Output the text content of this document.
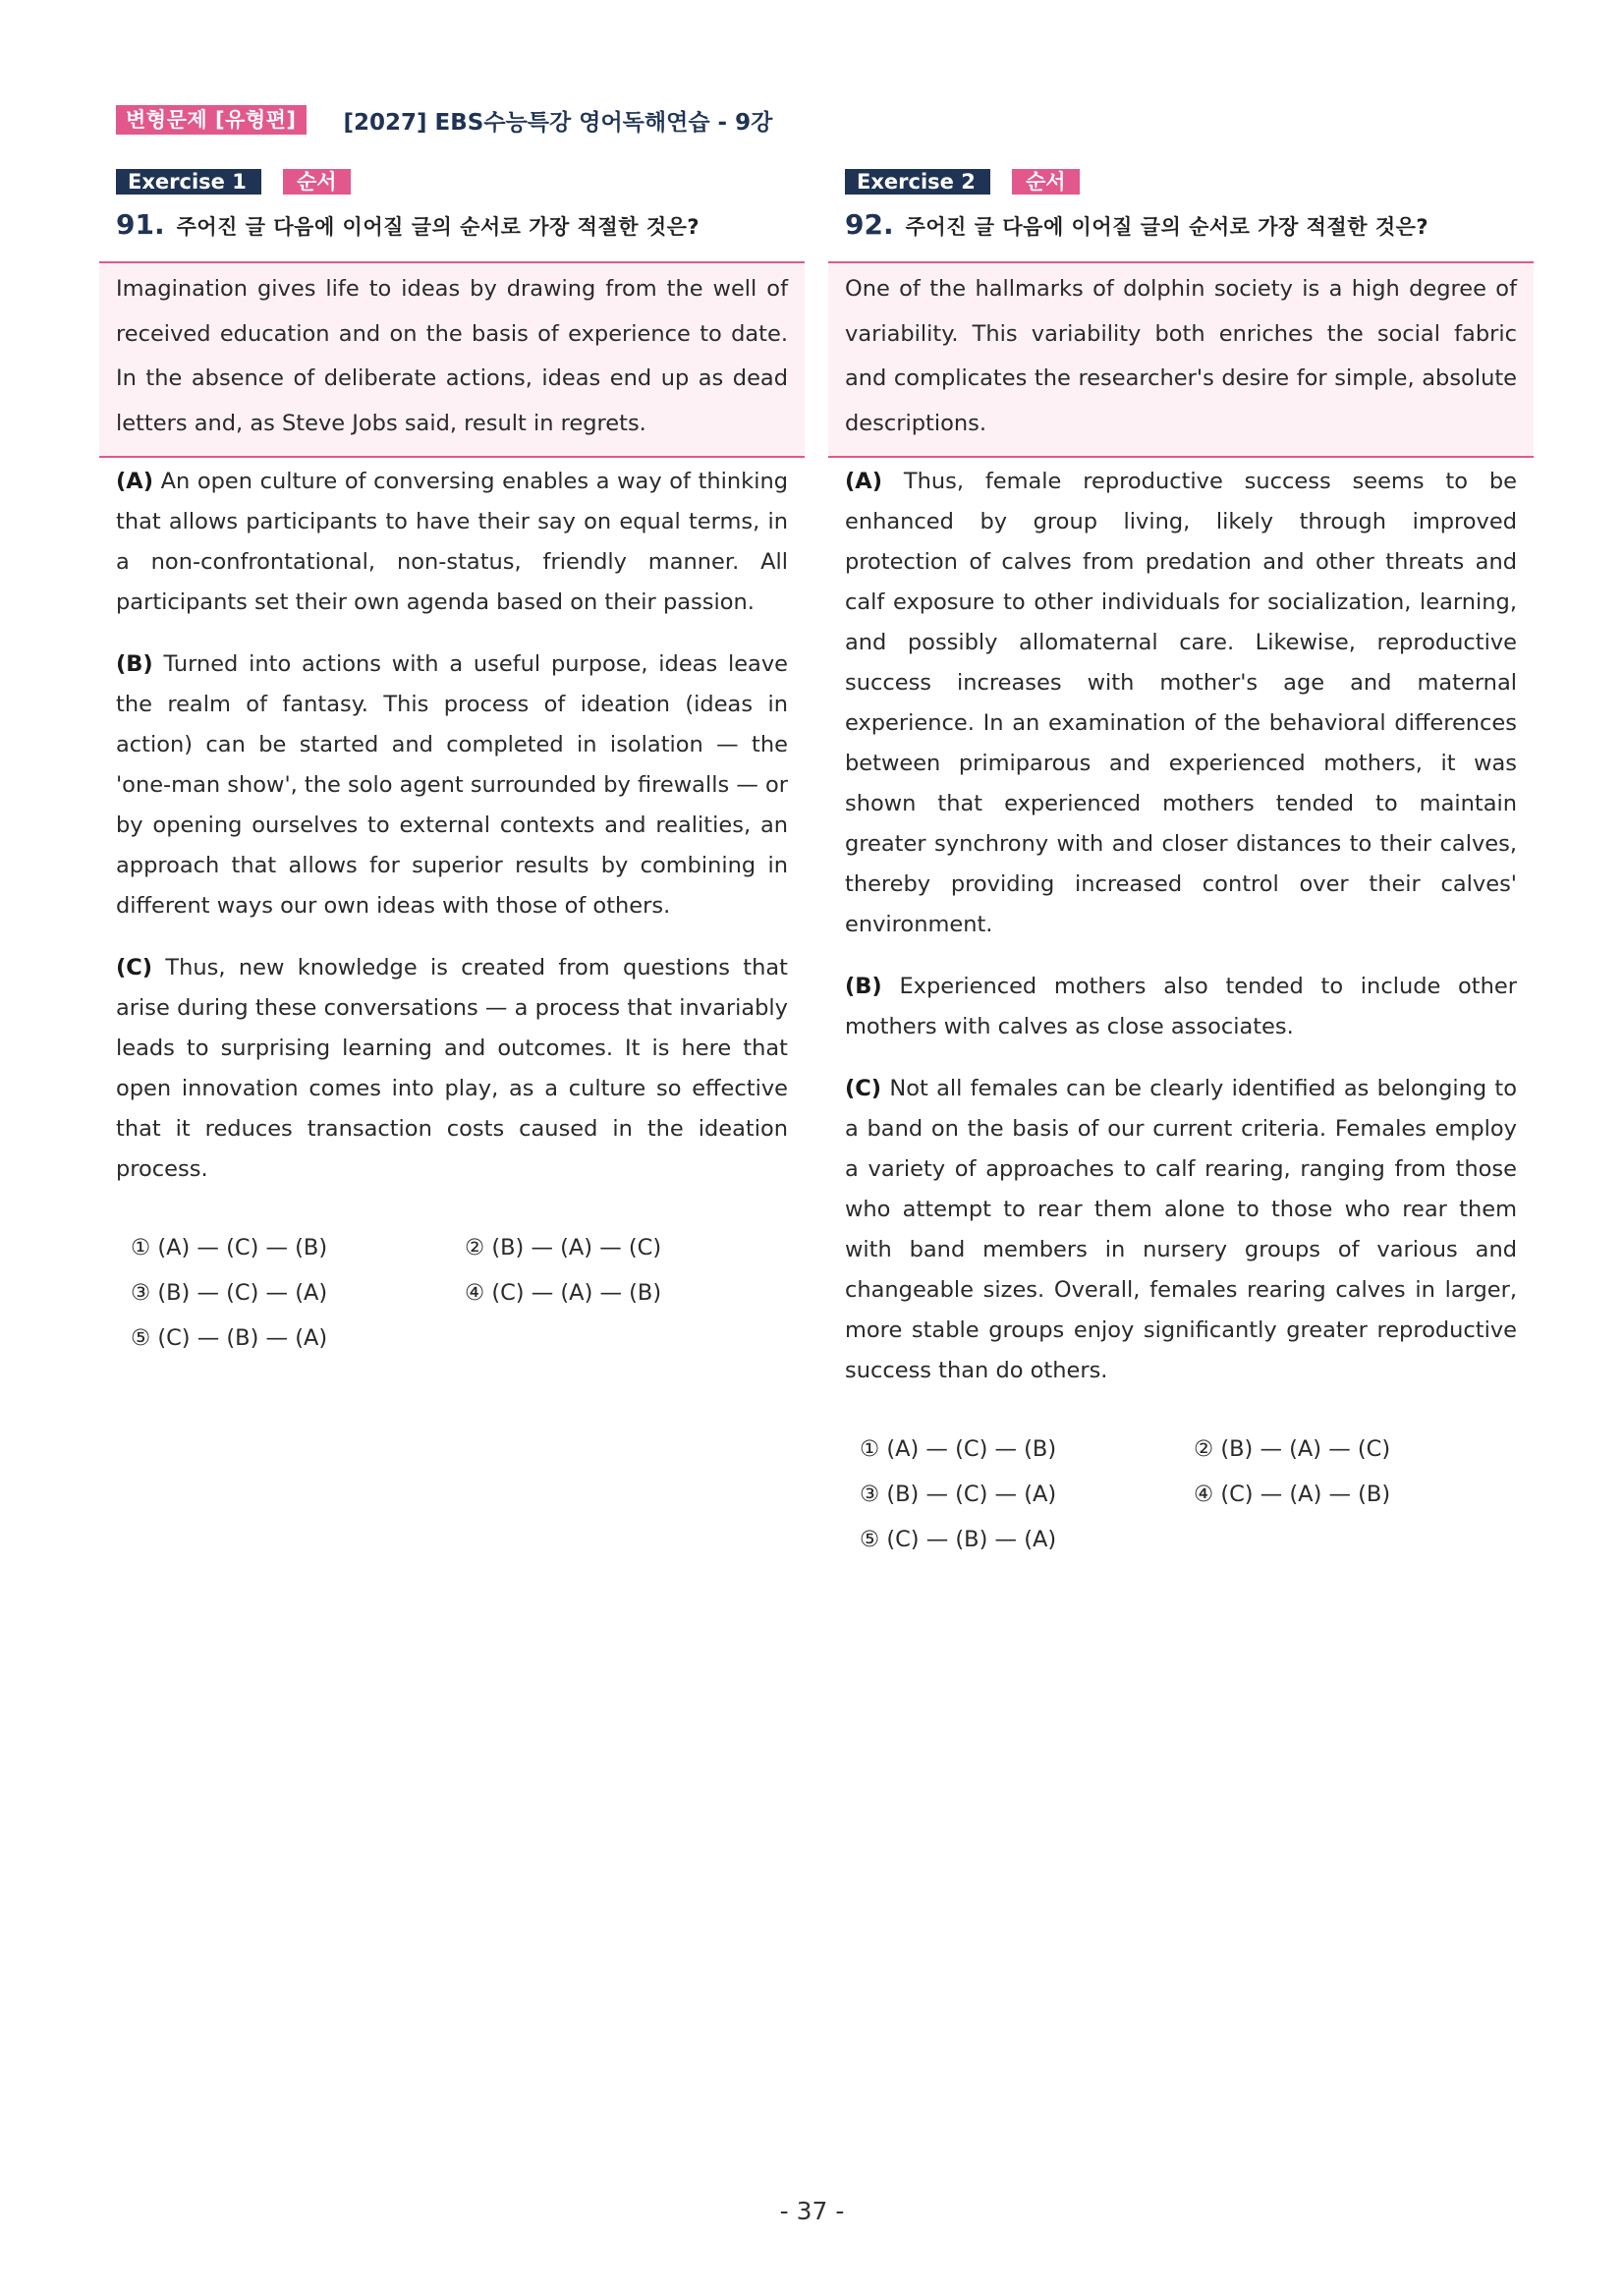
변형문제 [유형편]	[2027] EBS수능특강 영어독해연습 - 9강
Exercise 1	순서
91. 주어진 글 다음에 이어질 글의 순서로 가장 적절한 것은?

Imagination gives life to ideas by drawing from the well of received education and on the basis of experience to date. In the absence of deliberate actions, ideas end up as dead letters and, as Steve Jobs said, result in regrets.

(A) An open culture of conversing enables a way of thinking that allows participants to have their say on equal terms, in a non-confrontational, non-status, friendly manner. All participants set their own agenda based on their passion.

(B) Turned into actions with a useful purpose, ideas leave the realm of fantasy. This process of ideation (ideas in action) can be started and completed in isolation — the 'one-man show', the solo agent surrounded by firewalls — or by opening ourselves to external contexts and realities, an approach that allows for superior results by combining in different ways our own ideas with those of others.

(C) Thus, new knowledge is created from questions that arise during these conversations — a process that invariably leads to surprising learning and outcomes. It is here that open innovation comes into play, as a culture so effective that it reduces transaction costs caused in the ideation process.

① (A) — (C) — (B)	② (B) — (A) — (C)
③ (B) — (C) — (A)	④ (C) — (A) — (B)
⑤ (C) — (B) — (A)
Exercise 2	순서
92. 주어진 글 다음에 이어질 글의 순서로 가장 적절한 것은?

One of the hallmarks of dolphin society is a high degree of variability. This variability both enriches the social fabric and complicates the researcher's desire for simple, absolute descriptions.

(A) Thus, female reproductive success seems to be enhanced by group living, likely through improved protection of calves from predation and other threats and calf exposure to other individuals for socialization, learning, and possibly allomaternal care. Likewise, reproductive success increases with mother's age and maternal experience. In an examination of the behavioral differences between primiparous and experienced mothers, it was shown that experienced mothers tended to maintain greater synchrony with and closer distances to their calves, thereby providing increased control over their calves' environment.

(B) Experienced mothers also tended to include other mothers with calves as close associates.

(C) Not all females can be clearly identified as belonging to a band on the basis of our current criteria. Females employ a variety of approaches to calf rearing, ranging from those who attempt to rear them alone to those who rear them with band members in nursery groups of various and changeable sizes. Overall, females rearing calves in larger, more stable groups enjoy significantly greater reproductive success than do others.

① (A) — (C) — (B)	② (B) — (A) — (C)
③ (B) — (C) — (A)	④ (C) — (A) — (B)
⑤ (C) — (B) — (A)
- 37 -
